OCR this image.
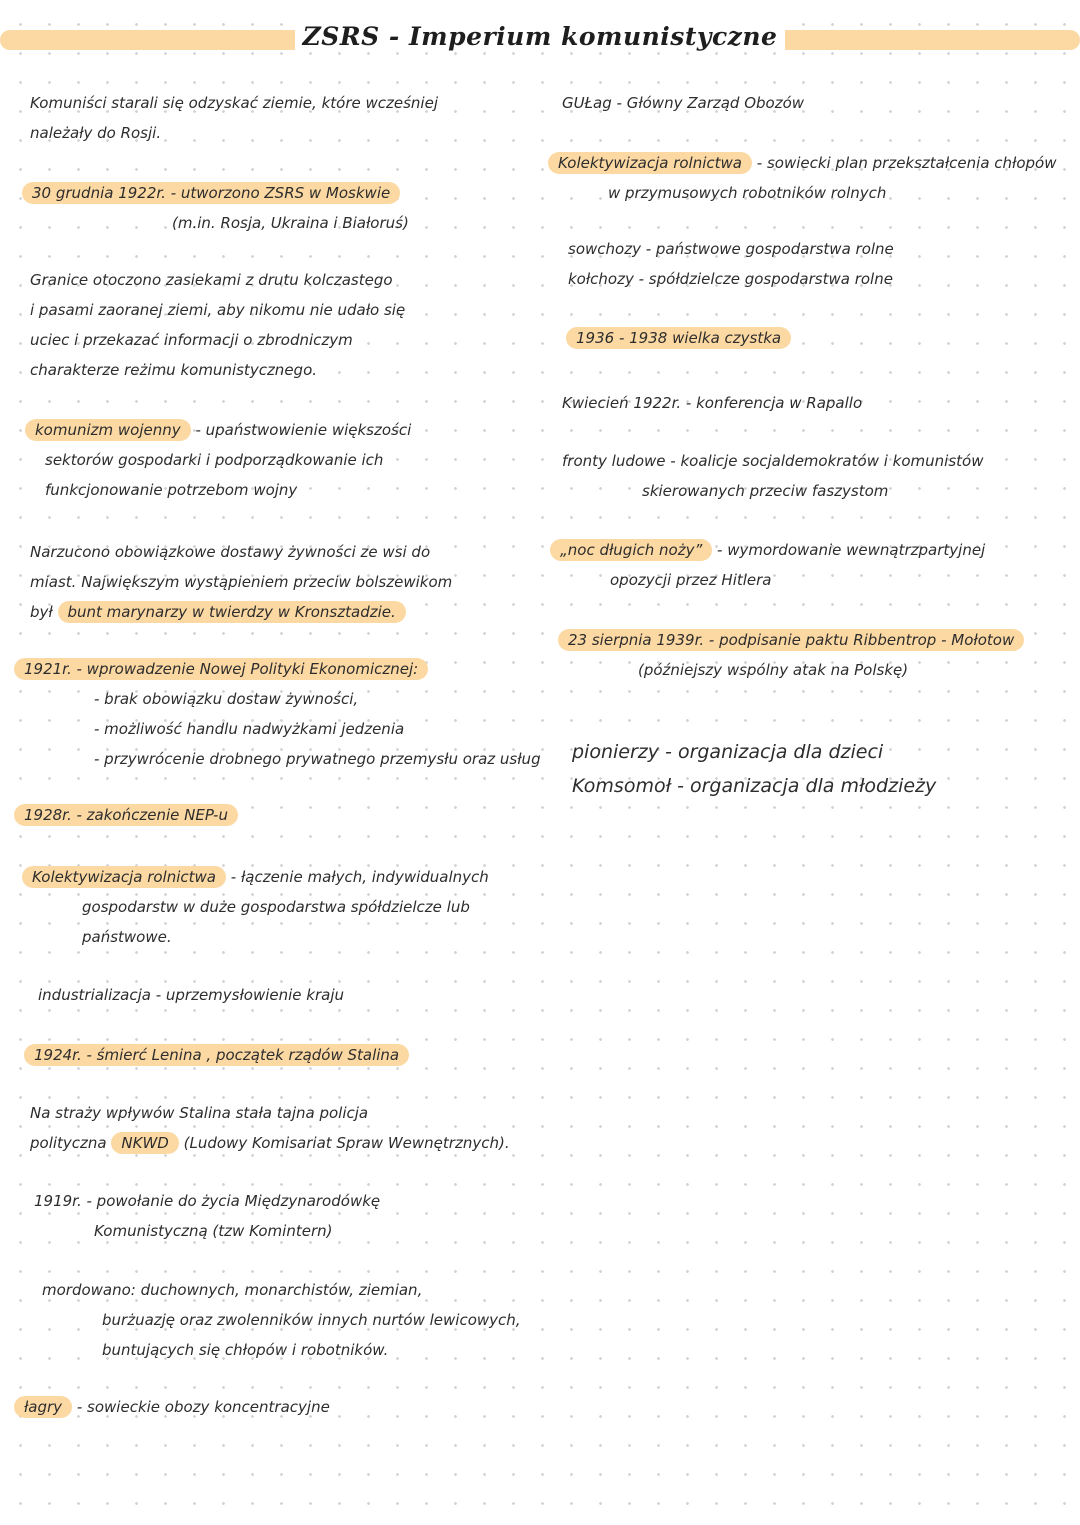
ZSRS - Imperium komunistyczne

Komuniści starali się odzyskać ziemie, które wcześniej

należały do Rosji.

30 grudnia 1922r. - utworzono ZSRS w Moskwie

(m.in. Rosja, Ukraina i Białoruś)

Granice otoczono zasiekami z drutu kolczastego

i pasami zaoranej ziemi, aby nikomu nie udało się

uciec i przekazać informacji o zbrodniczym

charakterze reżimu komunistycznego.

komunizm wojenny - upaństwowienie większości

sektorów gospodarki i podporządkowanie ich

funkcjonowanie potrzebom wojny

Narzucono obowiązkowe dostawy żywności ze wsi do

miast. Największym wystąpieniem przeciw bolszewikom

był bunt marynarzy w twierdzy w Kronsztadzie.

1921r. - wprowadzenie Nowej Polityki Ekonomicznej:

- brak obowiązku dostaw żywności,

- możliwość handlu nadwyżkami jedzenia

- przywrócenie drobnego prywatnego przemysłu oraz usług

1928r. - zakończenie NEP-u

Kolektywizacja rolnictwa - łączenie małych, indywidualnych

gospodarstw w duże gospodarstwa spółdzielcze lub

państwowe.

industrializacja - uprzemysłowienie kraju

1924r. - śmierć Lenina , początek rządów Stalina

Na straży wpływów Stalina stała tajna policja

polityczna NKWD (Ludowy Komisariat Spraw Wewnętrznych).

1919r. - powołanie do życia Międzynarodówkę

Komunistyczną (tzw Komintern)

mordowano: duchownych, monarchistów, ziemian,

burżuazję oraz zwolenników innych nurtów lewicowych,

buntujących się chłopów i robotników.

łagry - sowieckie obozy koncentracyjne

GUŁag - Główny Zarząd Obozów

Kolektywizacja rolnictwa - sowiecki plan przekształcenia chłopów

w przymusowych robotników rolnych

sowchozy - państwowe gospodarstwa rolne

kołchozy - spółdzielcze gospodarstwa rolne

1936 - 1938 wielka czystka

Kwiecień 1922r. - konferencja w Rapallo

fronty ludowe - koalicje socjaldemokratów i komunistów

skierowanych przeciw faszystom

„noc długich noży” - wymordowanie wewnątrzpartyjnej

opozycji przez Hitlera

23 sierpnia 1939r. - podpisanie paktu Ribbentrop - Mołotow

(późniejszy wspólny atak na Polskę)

pionierzy - organizacja dla dzieci

Komsomoł - organizacja dla młodzieży
